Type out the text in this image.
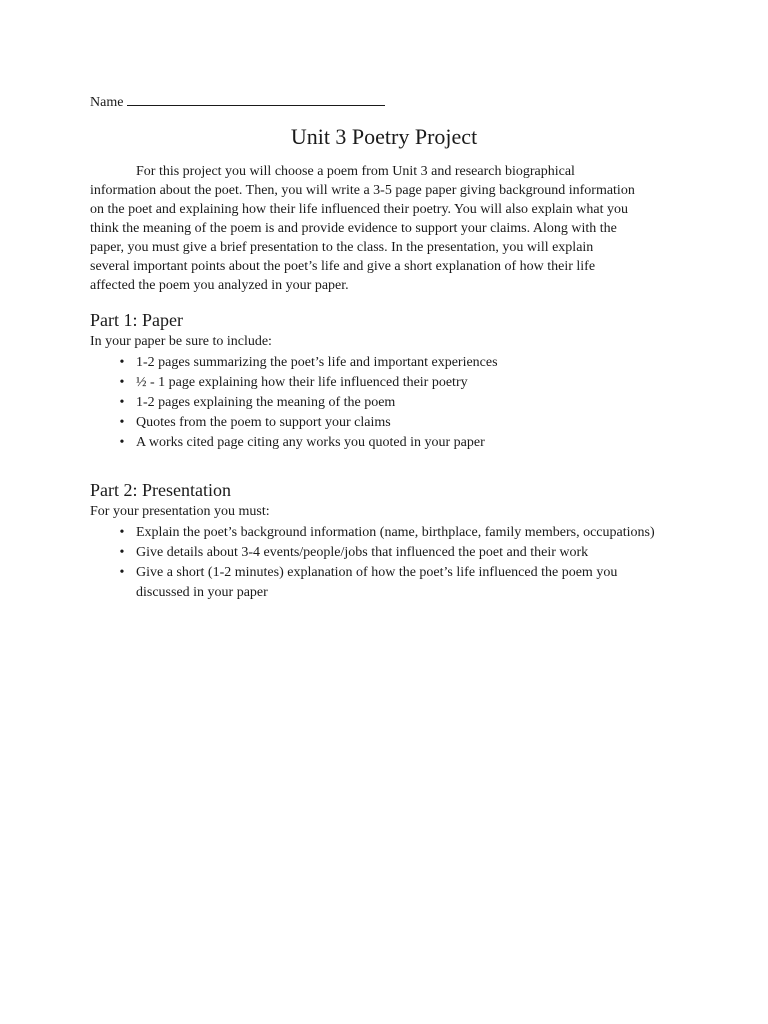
Name
Unit 3 Poetry Project
For this project you will choose a poem from Unit 3 and research biographical
information about the poet. Then, you will write a 3-5 page paper giving background information
on the poet and explaining how their life influenced their poetry. You will also explain what you
think the meaning of the poem is and provide evidence to support your claims. Along with the
paper, you must give a brief presentation to the class. In the presentation, you will explain
several important points about the poet’s life and give a short explanation of how their life
affected the poem you analyzed in your paper.
Part 1: Paper
In your paper be sure to include:
• 1-2 pages summarizing the poet’s life and important experiences
• ½ - 1 page explaining how their life influenced their poetry
• 1-2 pages explaining the meaning of the poem
• Quotes from the poem to support your claims
• A works cited page citing any works you quoted in your paper
Part 2: Presentation
For your presentation you must:
• Explain the poet’s background information (name, birthplace, family members, occupations)
• Give details about 3-4 events/people/jobs that influenced the poet and their work
• Give a short (1-2 minutes) explanation of how the poet’s life influenced the poem you discussed in your paper
